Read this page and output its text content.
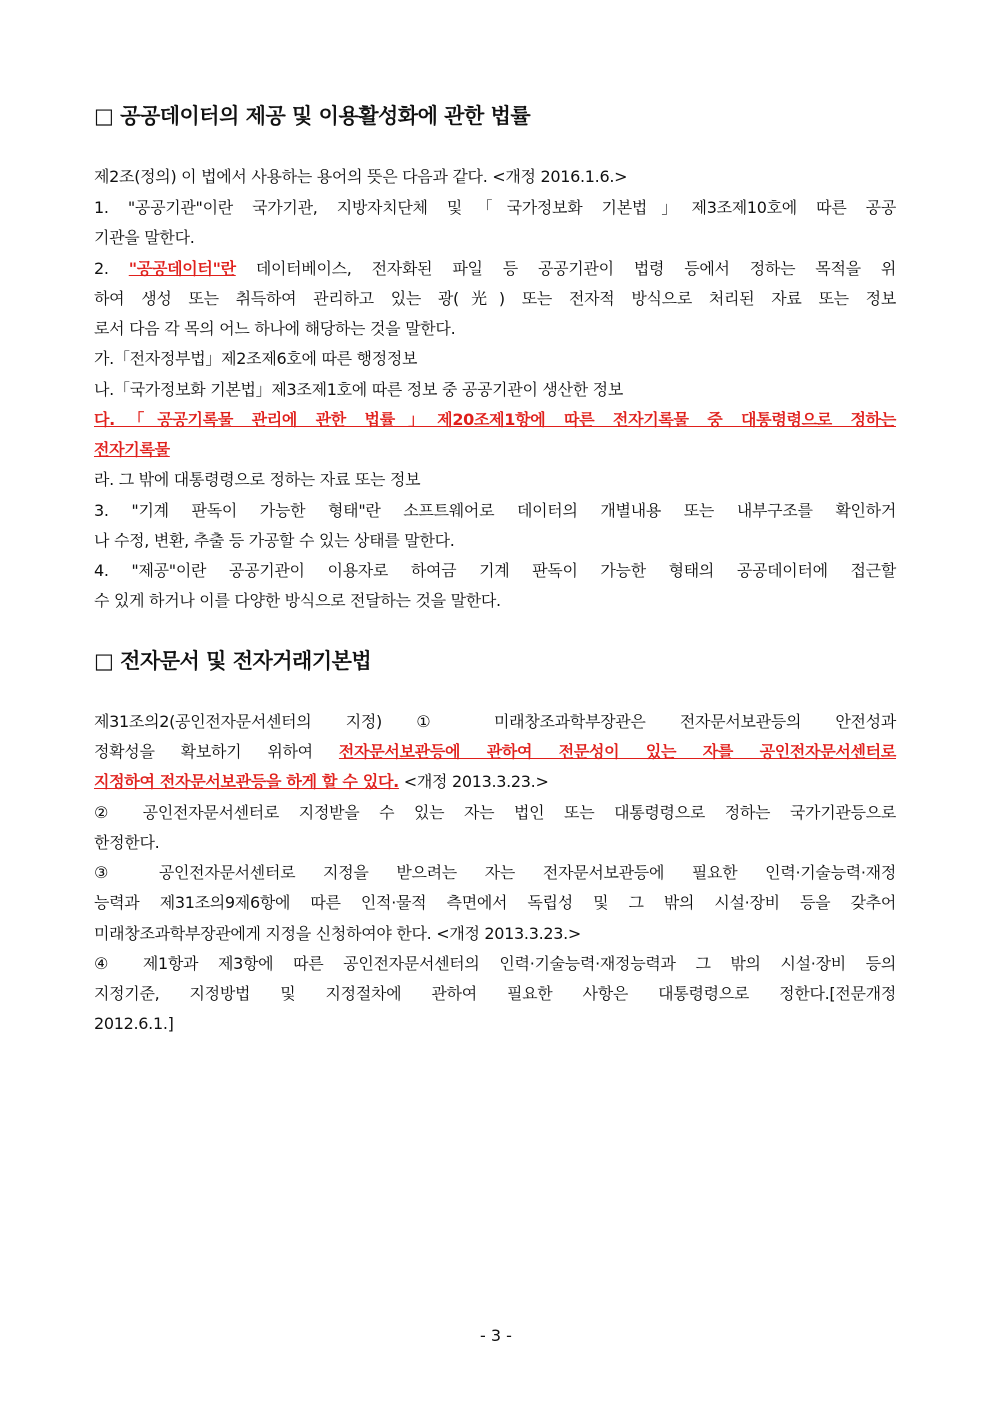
□ 공공데이터의 제공 및 이용활성화에 관한 법률
제2조(정의) 이 법에서 사용하는 용어의 뜻은 다음과 같다. <개정 2016.1.6.>
1. "공공기관"이란 국가기관, 지방자치단체 및「국가정보화 기본법」제3조제10호에 따른 공공
기관을 말한다.
2. "공공데이터"란 데이터베이스, 전자화된 파일 등 공공기관이 법령 등에서 정하는 목적을 위
하여 생성 또는 취득하여 관리하고 있는 광(光) 또는 전자적 방식으로 처리된 자료 또는 정보
로서 다음 각 목의 어느 하나에 해당하는 것을 말한다.
가.「전자정부법」제2조제6호에 따른 행정정보
나.「국가정보화 기본법」제3조제1호에 따른 정보 중 공공기관이 생산한 정보
다.「공공기록물 관리에 관한 법률」제20조제1항에 따른 전자기록물 중 대통령령으로 정하는
전자기록물
라. 그 밖에 대통령령으로 정하는 자료 또는 정보
3. "기계 판독이 가능한 형태"란 소프트웨어로 데이터의 개별내용 또는 내부구조를 확인하거
나 수정, 변환, 추출 등 가공할 수 있는 상태를 말한다.
4. "제공"이란 공공기관이 이용자로 하여금 기계 판독이 가능한 형태의 공공데이터에 접근할
수 있게 하거나 이를 다양한 방식으로 전달하는 것을 말한다.
□ 전자문서 및 전자거래기본법
제31조의2(공인전자문서센터의 지정) ① 미래창조과학부장관은 전자문서보관등의 안전성과
정확성을 확보하기 위하여 전자문서보관등에 관하여 전문성이 있는 자를 공인전자문서센터로
지정하여 전자문서보관등을 하게 할 수 있다. <개정 2013.3.23.>
② 공인전자문서센터로 지정받을 수 있는 자는 법인 또는 대통령령으로 정하는 국가기관등으로
한정한다.
③ 공인전자문서센터로 지정을 받으려는 자는 전자문서보관등에 필요한 인력·기술능력·재정
능력과 제31조의9제6항에 따른 인적·물적 측면에서 독립성 및 그 밖의 시설·장비 등을 갖추어
미래창조과학부장관에게 지정을 신청하여야 한다. <개정 2013.3.23.>
④ 제1항과 제3항에 따른 공인전자문서센터의 인력·기술능력·재정능력과 그 밖의 시설·장비 등의
지정기준, 지정방법 및 지정절차에 관하여 필요한 사항은 대통령령으로 정한다.[전문개정
2012.6.1.]
- 3 -
